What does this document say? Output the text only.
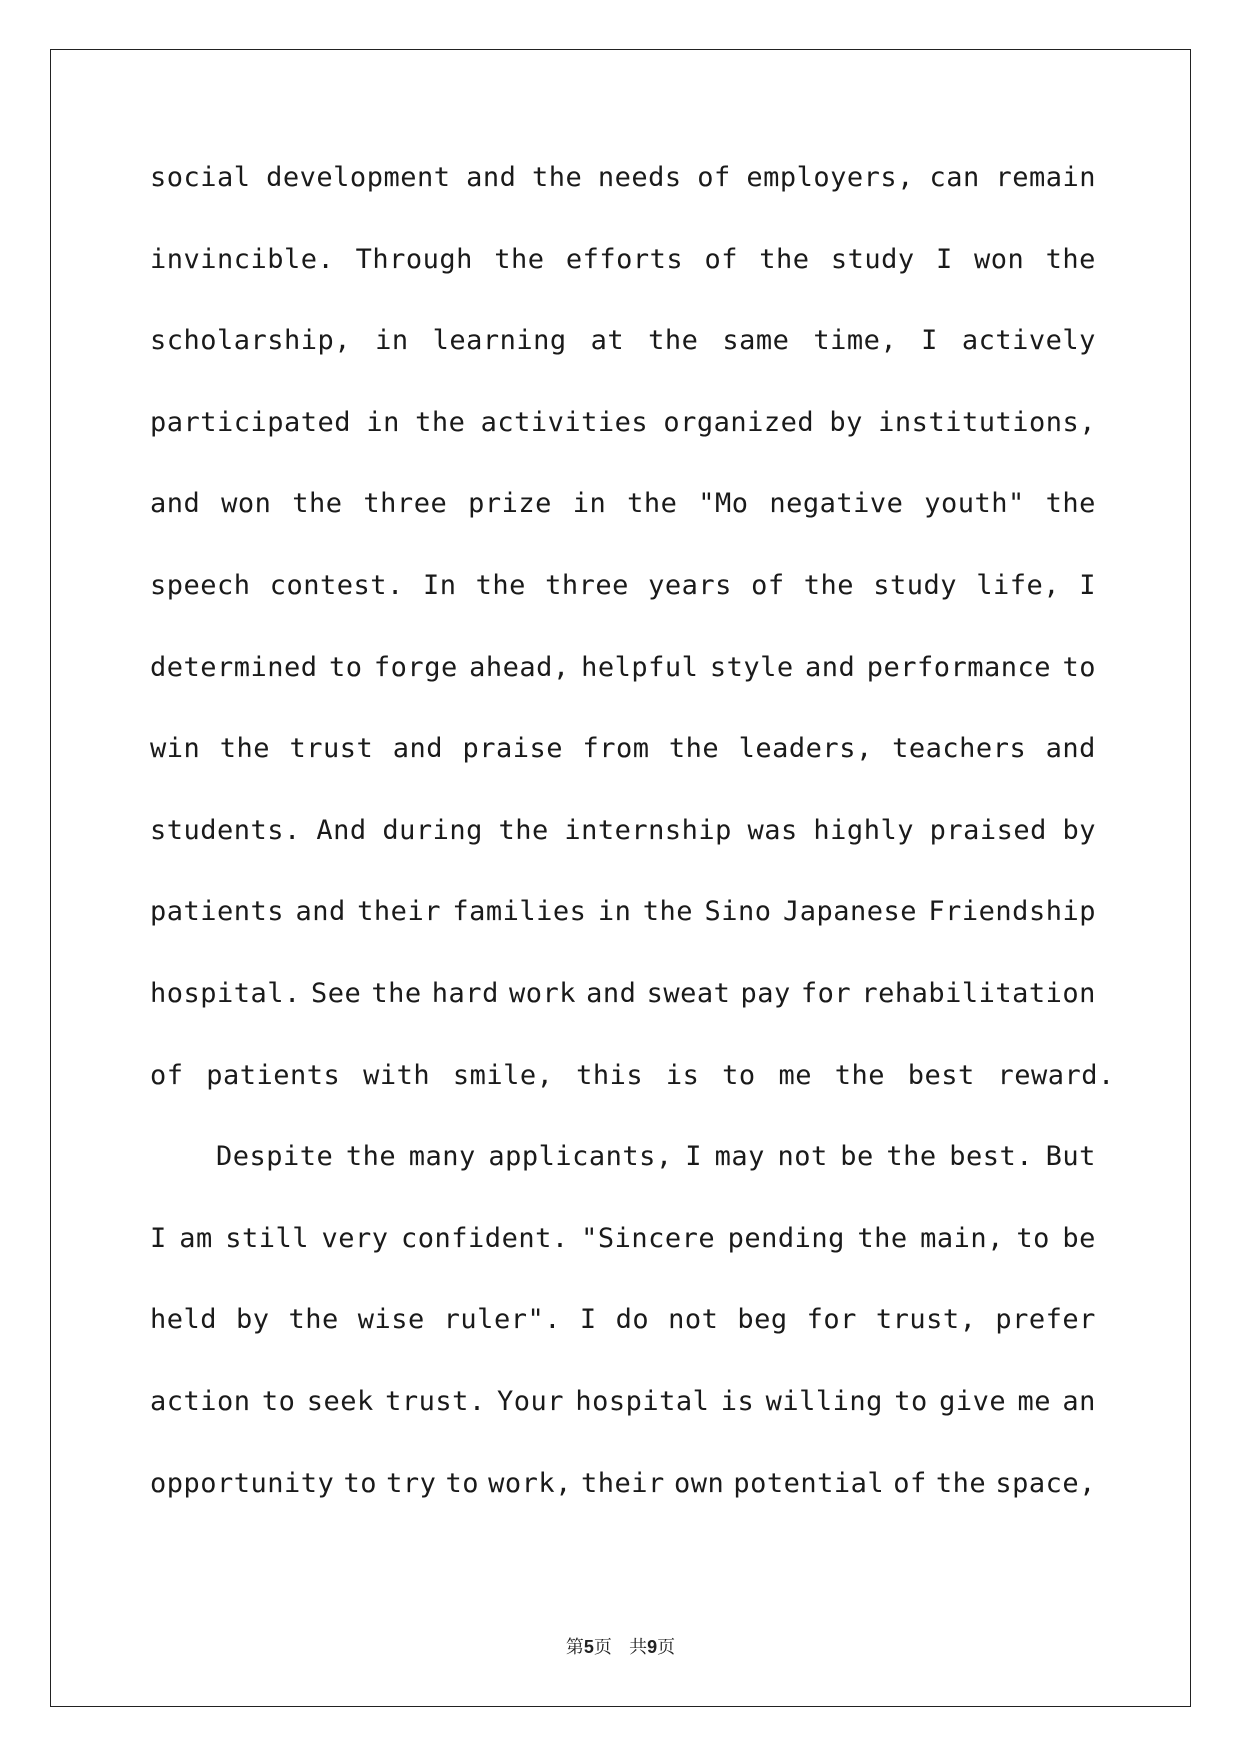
social development and the needs of employers, can remain
invincible. Through the efforts of the study I won the
scholarship, in learning at the same time, I actively
participated in the activities organized by institutions,
and won the three prize in the "Mo negative youth" the
speech contest. In the three years of the study life, I
determined to forge ahead, helpful style and performance to
win the trust and praise from the leaders, teachers and
students. And during the internship was highly praised by
patients and their families in the Sino Japanese Friendship
hospital. See the hard work and sweat pay for rehabilitation
of patients with smile, this is to me the best reward.
Despite the many applicants, I may not be the best. But
I am still very confident. "Sincere pending the main, to be
held by the wise ruler". I do not beg for trust, prefer
action to seek trust. Your hospital is willing to give me an
opportunity to try to work, their own potential of the space,
第5页 共9页
